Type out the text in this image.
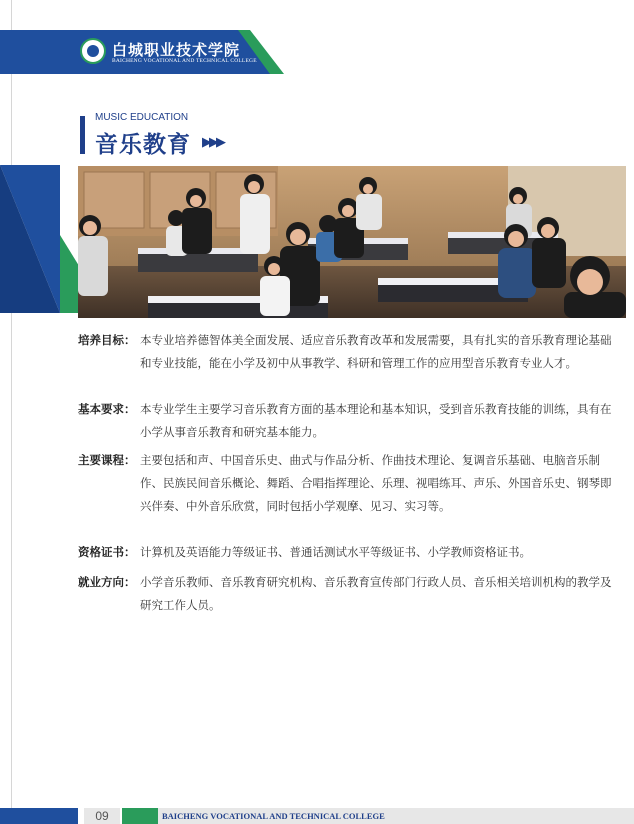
白城职业技术学院
BAICHENG VOCATIONAL AND TECHNICAL COLLEGE
MUSIC EDUCATION
音乐教育 ▶▶▶
培养目标： 本专业培养德智体美全面发展、适应音乐教育改革和发展需要，具有扎实的音乐教育理论基础和专业技能，能在小学及初中从事教学、科研和管理工作的应用型音乐教育专业人才。
基本要求： 本专业学生主要学习音乐教育方面的基本理论和基本知识，受到音乐教育技能的训练，具有在小学从事音乐教育和研究基本能力。
主要课程： 主要包括和声、中国音乐史、曲式与作品分析、作曲技术理论、复调音乐基础、电脑音乐制作、民族民间音乐概论、舞蹈、合唱指挥理论、乐理、视唱练耳、声乐、外国音乐史、钢琴即兴伴奏、中外音乐欣赏，同时包括小学观摩、见习、实习等。
资格证书： 计算机及英语能力等级证书、普通话测试水平等级证书、小学教师资格证书。
就业方向： 小学音乐教师、音乐教育研究机构、音乐教育宣传部门行政人员、音乐相关培训机构的教学及研究工作人员。
09	BAICHENG VOCATIONAL AND TECHNICAL COLLEGE
